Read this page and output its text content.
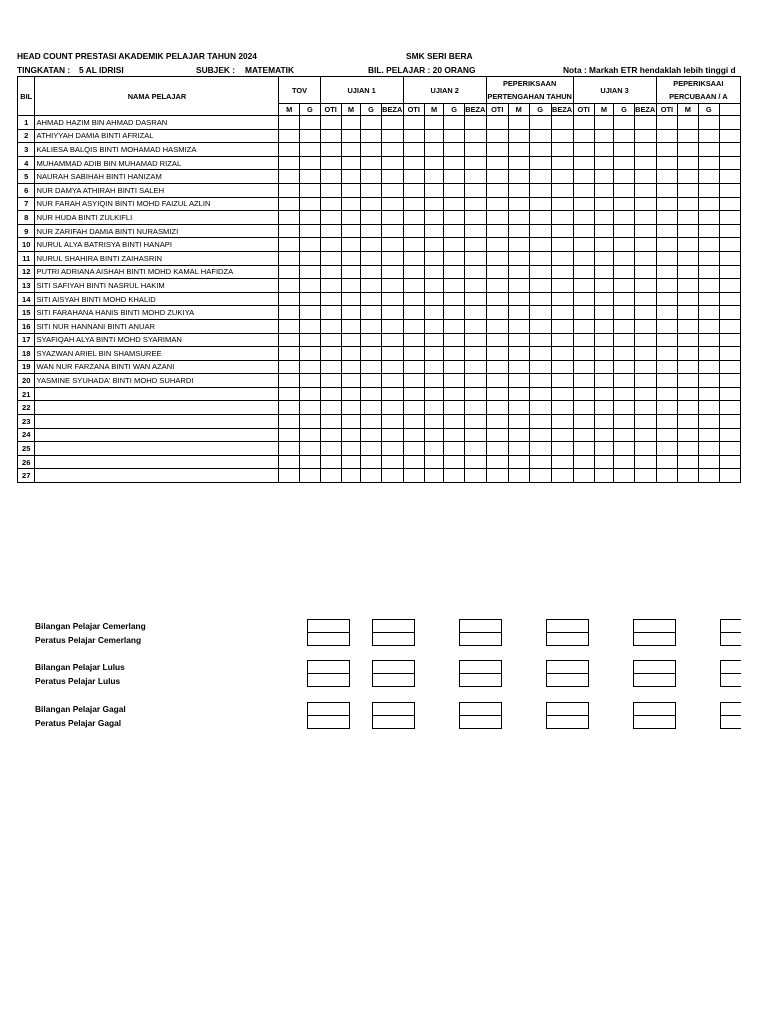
HEAD COUNT PRESTASI AKADEMIK PELAJAR TAHUN 2024	SMK SERI BERA
TINGKATAN : 5 AL IDRISI	SUBJEK : MATEMATIK	BIL. PELAJAR : 20 ORANG	Nota : Markah ETR hendaklah lebih tinggi d
BIL	NAMA PELAJAR	TOV		UJIAN 1				UJIAN 2				PEPERIKSAAN				UJIAN 3				PEPERIKSAAI			
												PERTENGAHAN TAHUN								PERCUBAAN / A			
		M	G	OTI	M	G	BEZA	OTI	M	G	BEZA	OTI	M	G	BEZA	OTI	M	G	BEZA	OTI	M	G	
1	AHMAD HAZIM BIN AHMAD DASRAN																						
2	ATHIYYAH DAMIA BINTI AFRIZAL																						
3	KALIESA BALQIS BINTI MOHAMAD HASMIZA																						
4	MUHAMMAD ADIB BIN MUHAMAD RIZAL																						
5	NAURAH SABIHAH BINTI HANIZAM																						
6	NUR DAMYA ATHIRAH BINTI SALEH																						
7	NUR FARAH ASYIQIN BINTI MOHD FAIZUL AZLIN																						
8	NUR HUDA BINTI ZULKIFLI																						
9	NUR ZARIFAH DAMIA BINTI NURASMIZI																						
10	NURUL ALYA BATRISYA BINTI HANAPI																						
11	NURUL SHAHIRA BINTI ZAIHASRIN																						
12	PUTRI ADRIANA AISHAH BINTI MOHD KAMAL HAFIDZA																						
13	SITI SAFIYAH BINTI NASRUL HAKIM																						
14	SITI AISYAH BINTI MOHD KHALID																						
15	SITI FARAHANA HANIS BINTI MOHD ZUKIYA																						
16	SITI NUR HANNANI BINTI ANUAR																						
17	SYAFIQAH ALYA BINTI MOHD SYARIMAN																						
18	SYAZWAN ARIEL BIN SHAMSUREE																						
19	WAN NUR FARZANA BINTI WAN AZANI																						
20	YASMINE SYUHADA' BINTI MOHD SUHARDI																						
21																							
22																							
23																							
24																							
25																							
26																							
27																							
Bilangan Pelajar Cemerlang
Peratus Pelajar Cemerlang
Bilangan Pelajar Lulus
Peratus Pelajar Lulus
Bilangan Pelajar Gagal
Peratus Pelajar Gagal
